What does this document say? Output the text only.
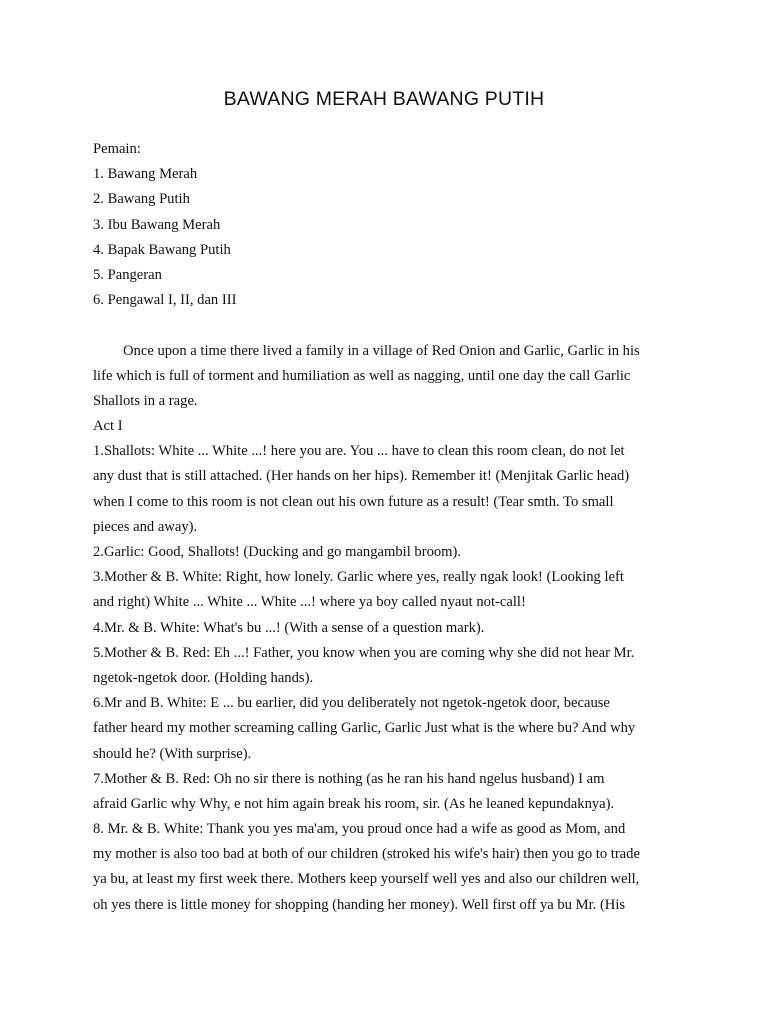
BAWANG MERAH BAWANG PUTIH
Pemain:
1. Bawang Merah
2. Bawang Putih
3. Ibu Bawang Merah
4. Bapak Bawang Putih
5. Pangeran
6. Pengawal I, II, dan III
Once upon a time there lived a family in a village of Red Onion and Garlic, Garlic in his
life which is full of torment and humiliation as well as nagging, until one day the call Garlic
Shallots in a rage.
Act I
1.Shallots: White ... White ...! here you are. You ... have to clean this room clean, do not let
any dust that is still attached. (Her hands on her hips). Remember it! (Menjitak Garlic head)
when I come to this room is not clean out his own future as a result! (Tear smth. To small
pieces and away).
2.Garlic: Good, Shallots! (Ducking and go mangambil broom).
3.Mother & B. White: Right, how lonely. Garlic where yes, really ngak look! (Looking left
and right) White ... White ... White ...! where ya boy called nyaut not-call!
4.Mr. & B. White: What's bu ...! (With a sense of a question mark).
5.Mother & B. Red: Eh ...! Father, you know when you are coming why she did not hear Mr.
ngetok-ngetok door. (Holding hands).
6.Mr and B. White: E ... bu earlier, did you deliberately not ngetok-ngetok door, because
father heard my mother screaming calling Garlic, Garlic Just what is the where bu? And why
should he? (With surprise).
7.Mother & B. Red: Oh no sir there is nothing (as he ran his hand ngelus husband) I am
afraid Garlic why Why, e not him again break his room, sir. (As he leaned kepundaknya).
8. Mr. & B. White: Thank you yes ma'am, you proud once had a wife as good as Mom, and
my mother is also too bad at both of our children (stroked his wife's hair) then you go to trade
ya bu, at least my first week there. Mothers keep yourself well yes and also our children well,
oh yes there is little money for shopping (handing her money). Well first off ya bu Mr. (His
